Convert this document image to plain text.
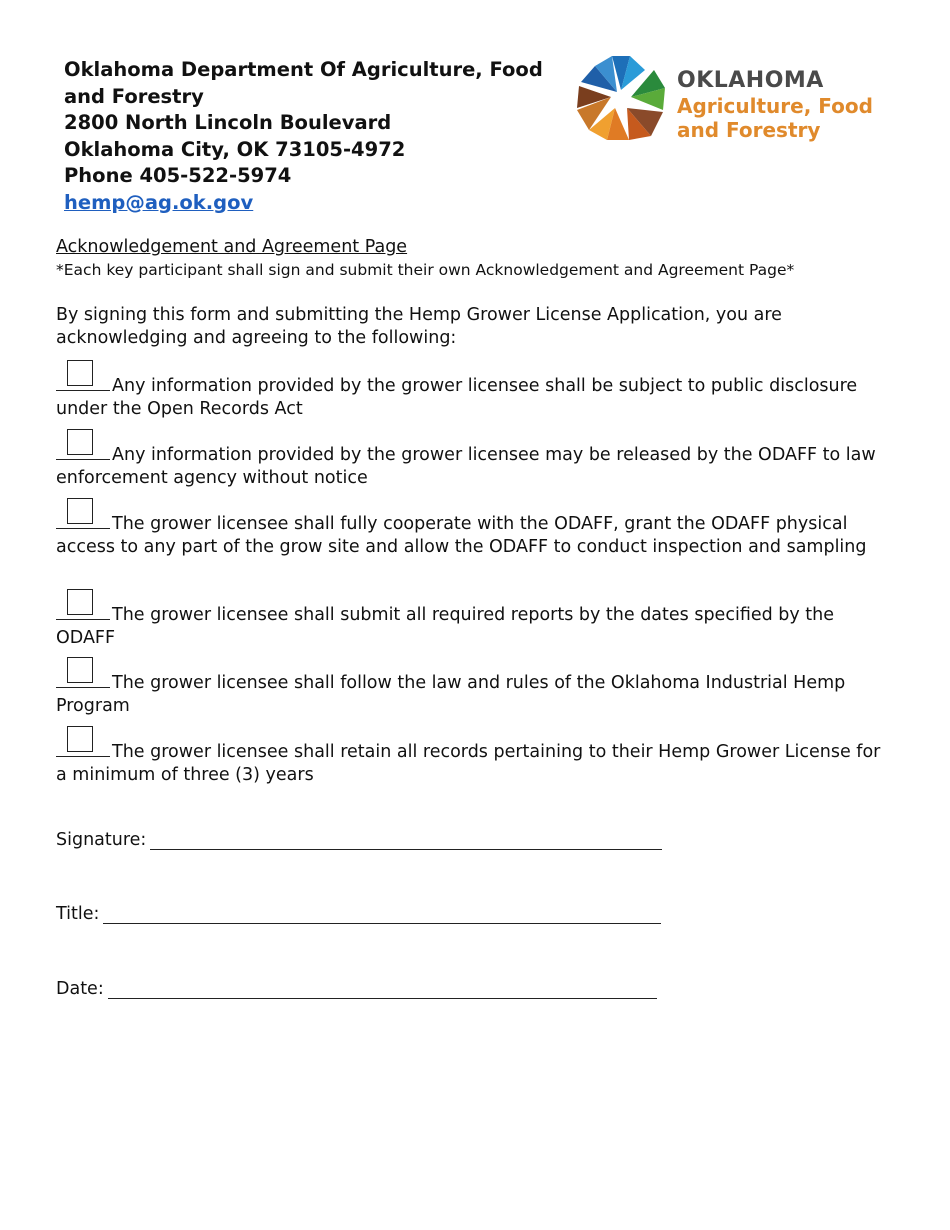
Oklahoma Department Of Agriculture, Food
and Forestry
2800 North Lincoln Boulevard
Oklahoma City, OK 73105-4972
Phone 405-522-5974
hemp@ag.ok.gov
OKLAHOMA
Agriculture, Food
and Forestry
Acknowledgement and Agreement Page
*Each key participant shall sign and submit their own Acknowledgement and Agreement Page*
By signing this form and submitting the Hemp Grower License Application, you are acknowledging and agreeing to the following:
Any information provided by the grower licensee shall be subject to public disclosure under the Open Records Act
Any information provided by the grower licensee may be released by the ODAFF to law enforcement agency without notice
The grower licensee shall fully cooperate with the ODAFF, grant the ODAFF physical access to any part of the grow site and allow the ODAFF to conduct inspection and sampling
The grower licensee shall submit all required reports by the dates specified by the ODAFF
The grower licensee shall follow the law and rules of the Oklahoma Industrial Hemp Program
The grower licensee shall retain all records pertaining to their Hemp Grower License for a minimum of three (3) years
Signature:
Title:
Date:
